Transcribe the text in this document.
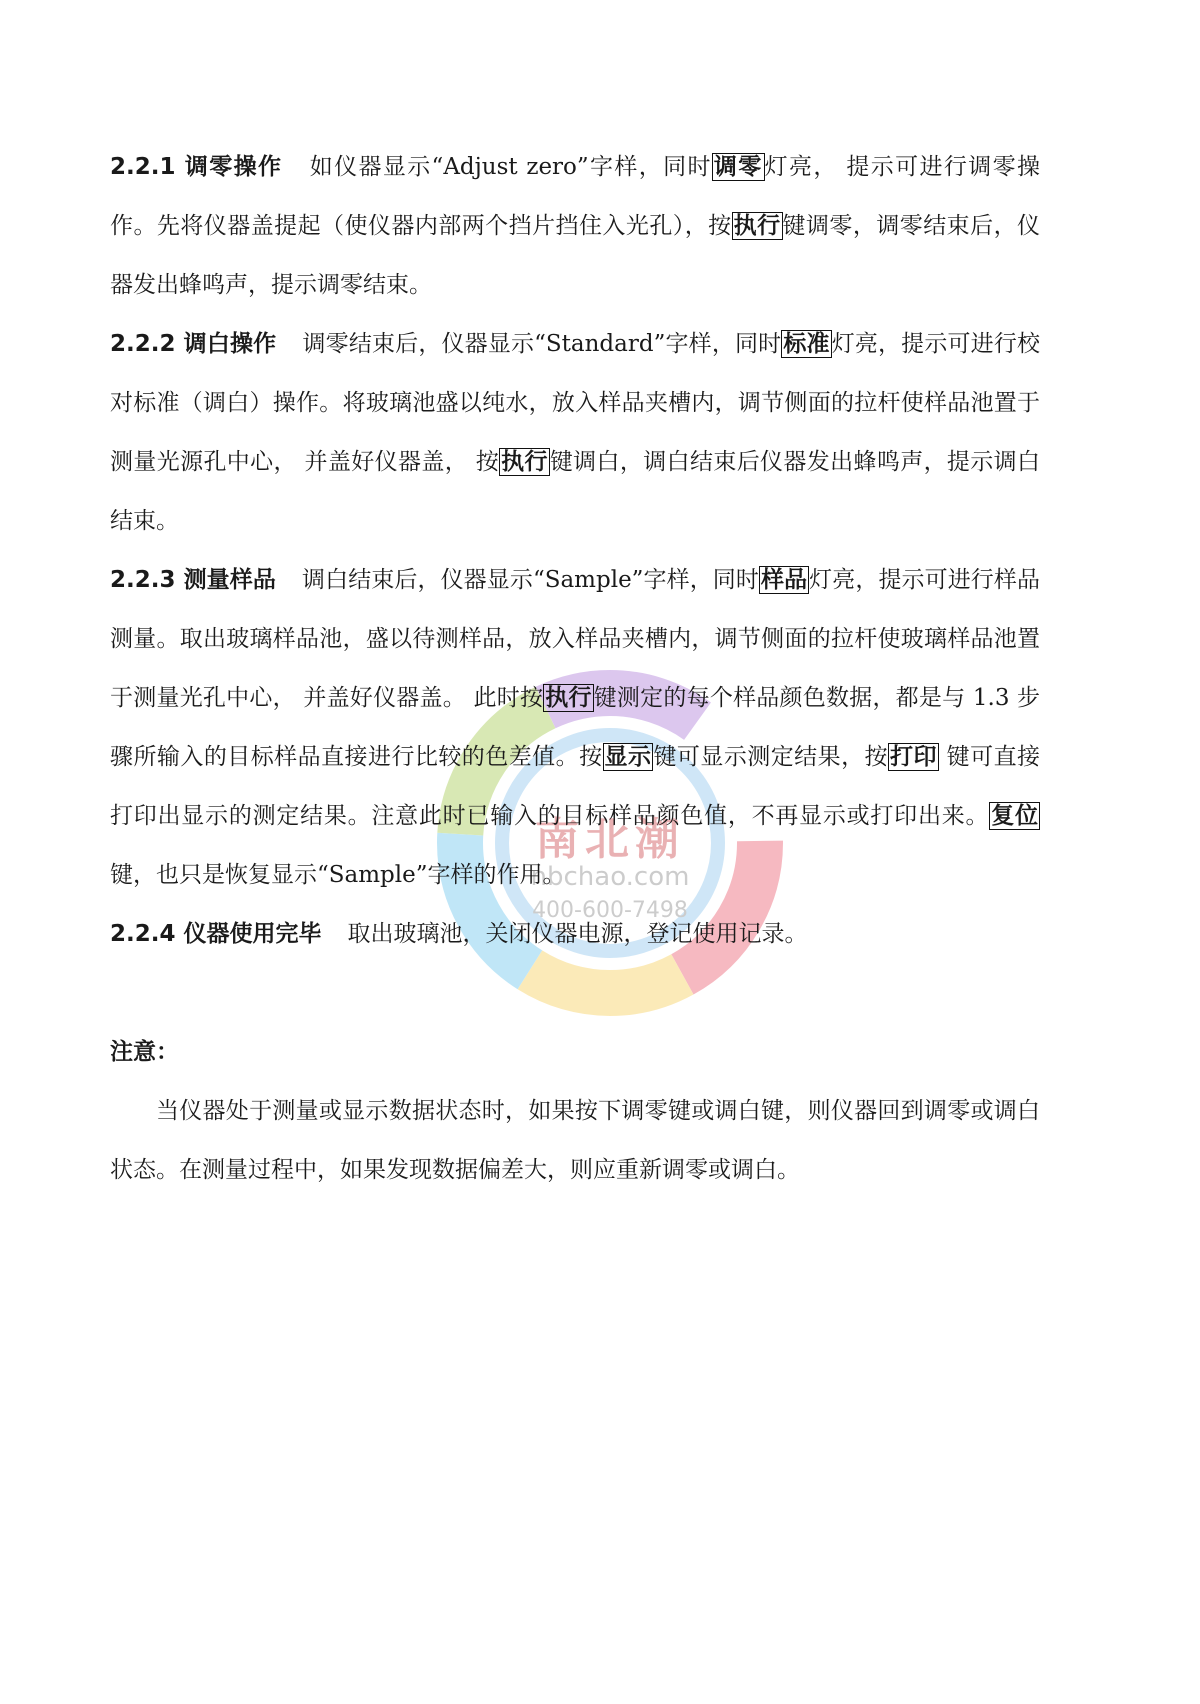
南北潮
nbchao.com
400-600-7498

2.2.1 调零操作 如仪器显示“Adjust zero”字样，同时调零灯亮， 提示可进行调零操作。先将仪器盖提起（使仪器内部两个挡片挡住入光孔），按执行键调零，调零结束后，仪器发出蜂鸣声，提示调零结束。

2.2.2 调白操作 调零结束后，仪器显示“Standard”字样，同时标准灯亮，提示可进行校对标准（调白）操作。将玻璃池盛以纯水，放入样品夹槽内，调节侧面的拉杆使样品池置于测量光源孔中心， 并盖好仪器盖， 按执行键调白，调白结束后仪器发出蜂鸣声，提示调白结束。

2.2.3 测量样品 调白结束后，仪器显示“Sample”字样，同时样品灯亮，提示可进行样品测量。取出玻璃样品池，盛以待测样品，放入样品夹槽内，调节侧面的拉杆使玻璃样品池置于测量光孔中心， 并盖好仪器盖。 此时按执行键测定的每个样品颜色数据，都是与 1.3 步骤所输入的目标样品直接进行比较的色差值。按显示键可显示测定结果，按打印 键可直接打印出显示的测定结果。注意此时已输入的目标样品颜色值，不再显示或打印出来。复位键，也只是恢复显示“Sample”字样的作用。

2.2.4 仪器使用完毕 取出玻璃池，关闭仪器电源，登记使用记录。

注意：

当仪器处于测量或显示数据状态时，如果按下调零键或调白键，则仪器回到调零或调白状态。在测量过程中，如果发现数据偏差大，则应重新调零或调白。
